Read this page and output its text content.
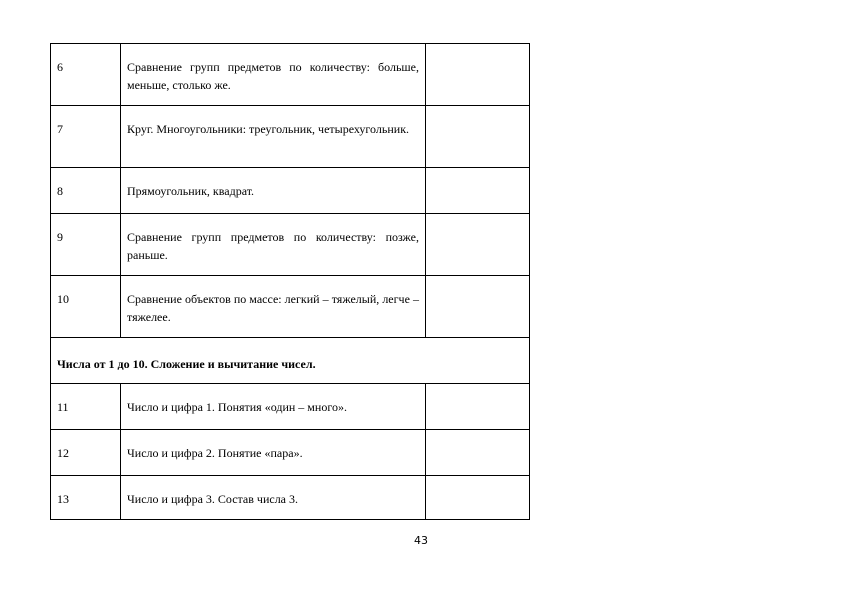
6	Сравнение групп предметов по количеству: больше, меньше, столько же.	
7	Круг. Многоугольники: треугольник, четырехугольник.	
8	Прямоугольник, квадрат.	
9	Сравнение групп предметов по количеству: позже, раньше.	
10	Сравнение объектов по массе: легкий – тяжелый, легче – тяжелее.	
Числа от 1 до 10. Сложение и вычитание чисел.		
11	Число и цифра 1. Понятия «один – много».	
12	Число и цифра 2. Понятие «пара».	
13	Число и цифра 3. Состав числа 3.	
43
